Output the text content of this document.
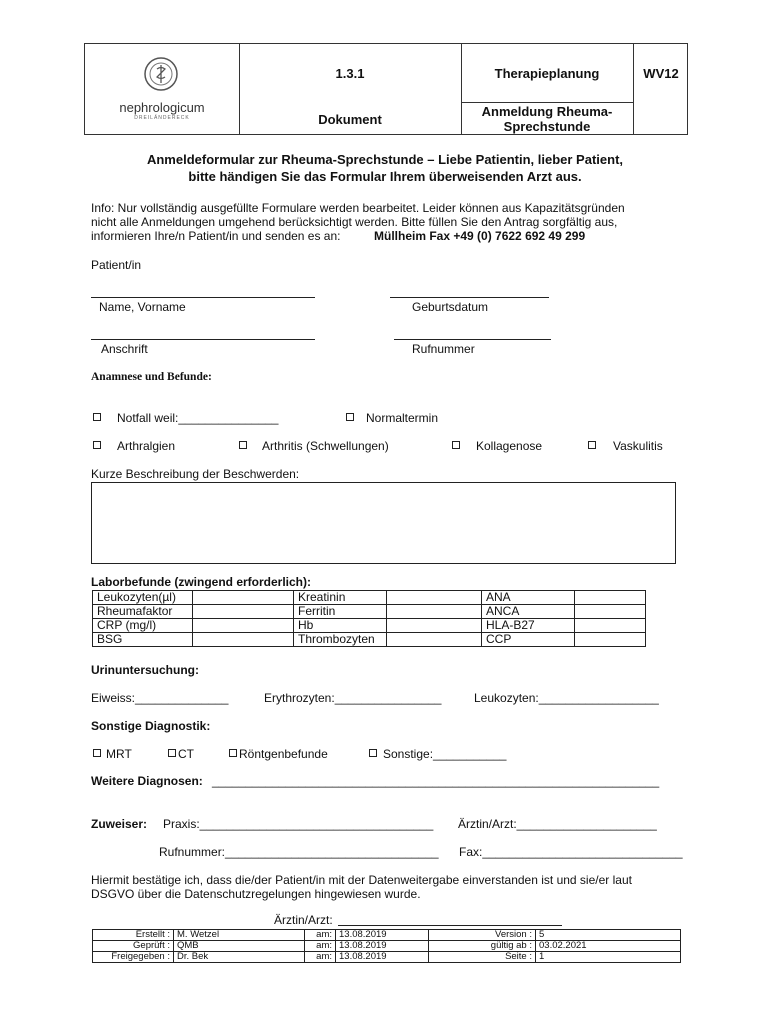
nephrologicum
DREILÄNDERECK
1.3.1
Dokument
Therapieplanung
Anmeldung Rheuma-Sprechstunde
WV12
Anmeldeformular zur Rheuma-Sprechstunde – Liebe Patientin, lieber Patient,
bitte händigen Sie das Formular Ihrem überweisenden Arzt aus.
Info: Nur vollständig ausgefüllte Formulare werden bearbeitet. Leider können aus Kapazitätsgründen
nicht alle Anmeldungen umgehend berücksichtigt werden. Bitte füllen Sie den Antrag sorgfältig aus,
informieren Ihre/n Patient/in und senden es an:	Müllheim Fax +49 (0) 7622 692 49 299
Patient/in
Name, Vorname	Geburtsdatum
Anschrift	Rufnummer
Anamnese und Befunde:
Notfall weil:_______________	Normaltermin
Arthralgien	Arthritis (Schwellungen)	Kollagenose	Vaskulitis
Kurze Beschreibung der Beschwerden:
Laborbefunde (zwingend erforderlich):
Leukozyten(µl)		Kreatinin		ANA	
Rheumafaktor		Ferritin		ANCA	
CRP (mg/l)		Hb		HLA-B27	
BSG		Thrombozyten		CCP	
Urinuntersuchung:
Eiweiss:______________	Erythrozyten:________________	Leukozyten:__________________
Sonstige Diagnostik:
MRT	CT	Röntgenbefunde	Sonstige:___________
Weitere Diagnosen: ___________________________________________________________________
Zuweiser: Praxis:___________________________________ Ärztin/Arzt:_____________________
Rufnummer:________________________________ Fax:______________________________
Hiermit bestätige ich, dass die/der Patient/in mit der Datenweitergabe einverstanden ist und sie/er laut
DSGVO über die Datenschutzregelungen hingewiesen wurde.
Ärztin/Arzt:
Erstellt :	M. Wetzel	am:	13.08.2019	Version :	5
Geprüft :	QMB	am:	13.08.2019	gültig ab :	03.02.2021
Freigegeben :	Dr. Bek	am:	13.08.2019	Seite :	1
